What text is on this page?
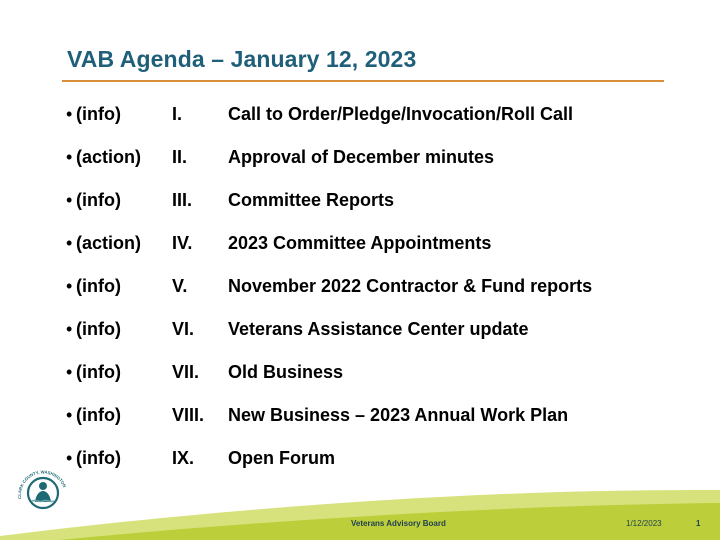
VAB Agenda – January 12, 2023
• (info)	I.	Call to Order/Pledge/Invocation/Roll Call
• (action) II. Approval of December minutes
• (info)	III. Committee Reports
• (action) IV. 2023 Committee Appointments
• (info)	V. November 2022 Contractor & Fund reports
• (info)	VI. Veterans Assistance Center update
• (info)	VII. Old Business
• (info)	VIII. New Business – 2023 Annual Work Plan
• (info)	IX. Open Forum
CLARK COUNTY, WASHINGTON
Veterans Advisory Board	1/12/2023	1
